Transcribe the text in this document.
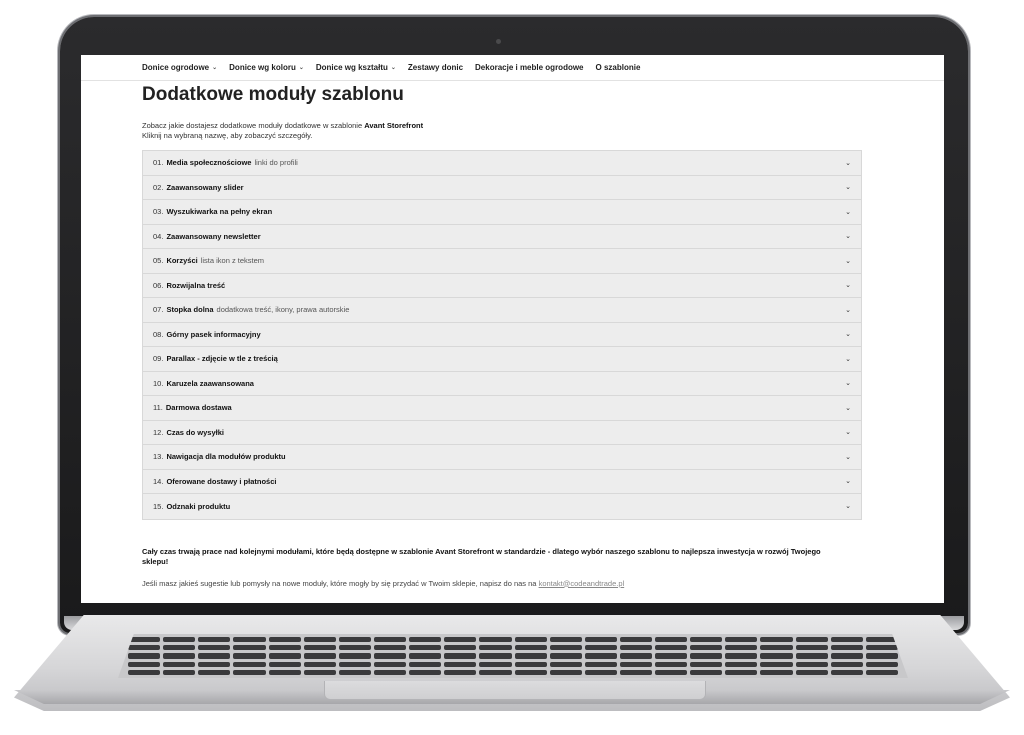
Donice ogrodowe ⌄ Donice wg koloru ⌄ Donice wg kształtu ⌄ Zestawy donic Dekoracje i meble ogrodowe O szablonie
Dodatkowe moduły szablonu
Zobacz jakie dostajesz dodatkowe moduły dodatkowe w szablonie Avant Storefront
Kliknij na wybraną nazwę, aby zobaczyć szczegóły.
01. Media społecznościowe linki do profili	⌄
02. Zaawansowany slider	⌄
03. Wyszukiwarka na pełny ekran	⌄
04. Zaawansowany newsletter	⌄
05. Korzyści lista ikon z tekstem	⌄
06. Rozwijalna treść	⌄
07. Stopka dolna dodatkowa treść, ikony, prawa autorskie	⌄
08. Górny pasek informacyjny	⌄
09. Parallax - zdjęcie w tle z treścią	⌄
10. Karuzela zaawansowana	⌄
11. Darmowa dostawa	⌄
12. Czas do wysyłki	⌄
13. Nawigacja dla modułów produktu	⌄
14. Oferowane dostawy i płatności	⌄
15. Odznaki produktu	⌄
Cały czas trwają prace nad kolejnymi modułami, które będą dostępne w szablonie Avant Storefront w standardzie - dlatego wybór naszego szablonu to najlepsza inwestycja w rozwój Twojego sklepu!
Jeśli masz jakieś sugestie lub pomysły na nowe moduły, które mogły by się przydać w Twoim sklepie, napisz do nas na kontakt@codeandtrade.pl
